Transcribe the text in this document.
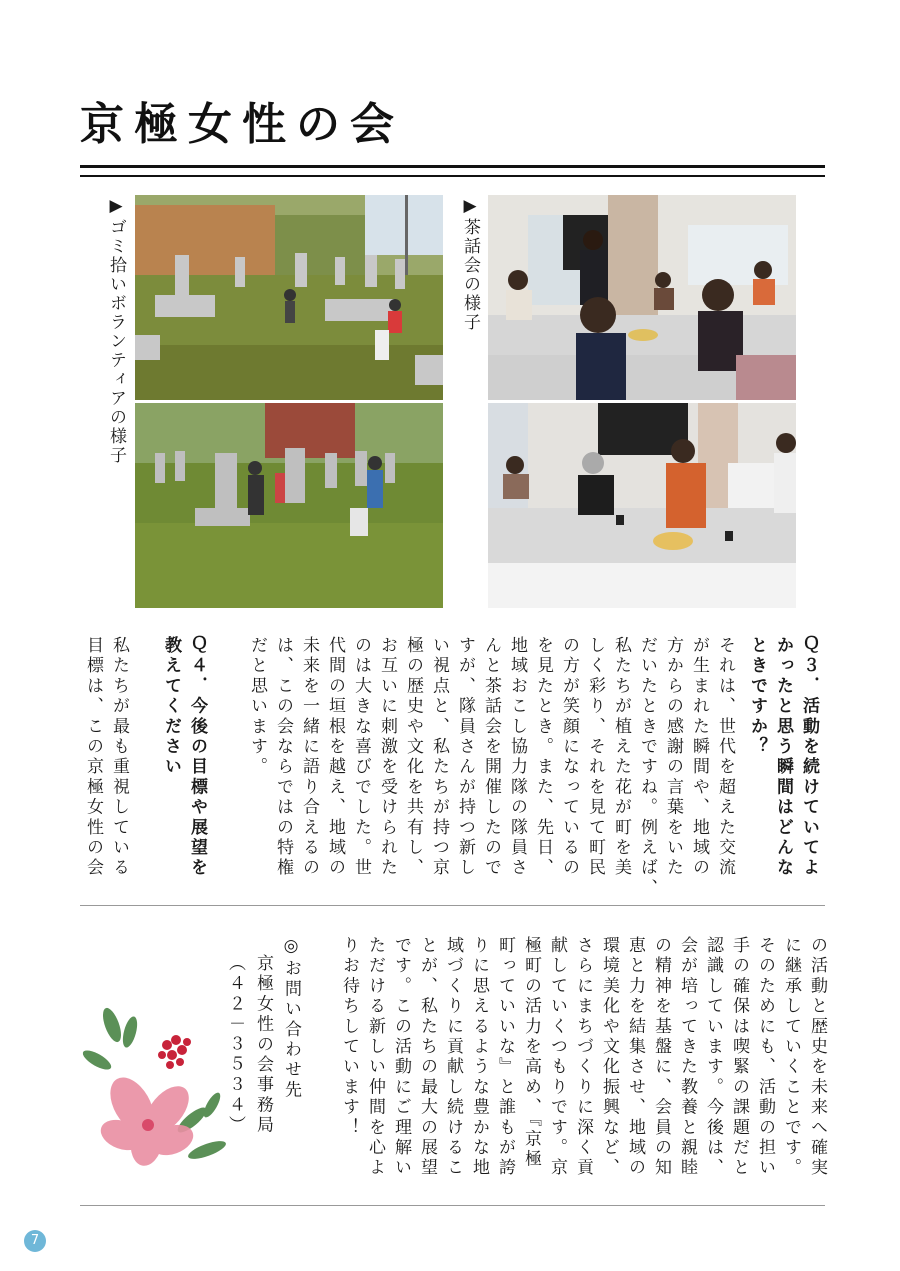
京極女性の会
▶ゴミ拾いボランティアの様子	▶茶話会の様子
Ｑ３．活動を続けていてよ
かったと思う瞬間はどんな
ときですか？
それは、世代を超えた交流
が生まれた瞬間や、地域の
方からの感謝の言葉をいた
だいたときですね。例えば、
私たちが植えた花が町を美
しく彩り、それを見て町民
の方が笑顔になっているの
を見たとき。また、先日、
地域おこし協力隊の隊員さ
んと茶話会を開催したので
すが、隊員さんが持つ新し
い視点と、私たちが持つ京
極の歴史や文化を共有し、
お互いに刺激を受けられた
のは大きな喜びでした。世
代間の垣根を越え、地域の
未来を一緒に語り合えるの
は、この会ならではの特権
だと思います。
Ｑ４．今後の目標や展望を
教えてください
私たちが最も重視している
目標は、この京極女性の会
の活動と歴史を未来へ確実
に継承していくことです。
そのためにも、活動の担い
手の確保は喫緊の課題だと
認識しています。今後は、
会が培ってきた教養と親睦
の精神を基盤に、会員の知
恵と力を結集させ、地域の
環境美化や文化振興など、
さらにまちづくりに深く貢
献していくつもりです。京
極町の活力を高め、『京極
町っていいな』と誰もが誇
りに思えるような豊かな地
域づくりに貢献し続けるこ
とが、私たちの最大の展望
です。この活動にご理解い
ただける新しい仲間を心よ
りお待ちしています！
◎お問い合わせ先
京極女性の会事務局
（４２－３５３４）
7
